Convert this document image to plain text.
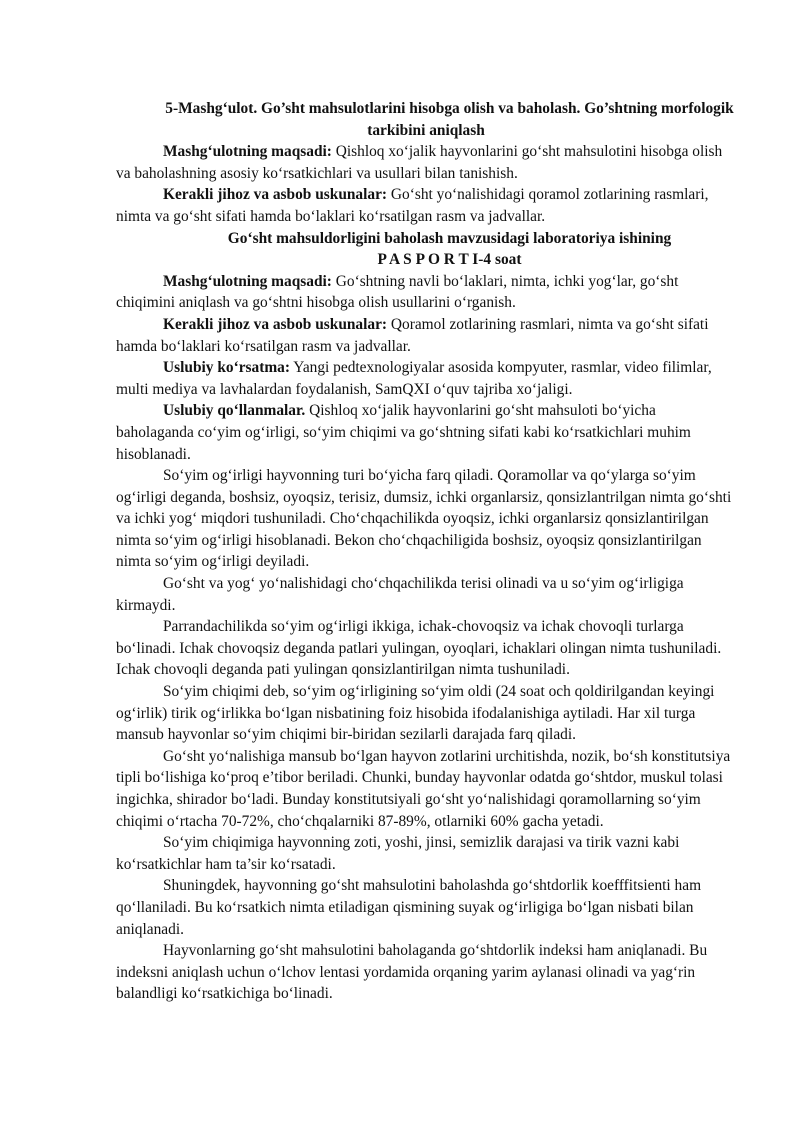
5-Mashg‘ulot. Go’sht mahsulotlarini hisobga olish va baholash. Go’shtning morfologik tarkibini aniqlash

Mashg‘ulotning maqsadi: Qishloq xo‘jalik hayvonlarini go‘sht mahsulotini hisobga olish va baholashning asosiy ko‘rsatkichlari va usullari bilan tanishish.

Kerakli jihoz va asbob uskunalar: Go‘sht yo‘nalishidagi qoramol zotlarining rasmlari, nimta va go‘sht sifati hamda bo‘laklari ko‘rsatilgan rasm va jadvallar.

Go‘sht mahsuldorligini baholash mavzusidagi laboratoriya ishining

P A S P O R T I-4 soat

Mashg‘ulotning maqsadi: Go‘shtning navli bo‘laklari, nimta, ichki yog‘lar, go‘sht chiqimini aniqlash va go‘shtni hisobga olish usullarini o‘rganish.

Kerakli jihoz va asbob uskunalar: Qoramol zotlarining rasmlari, nimta va go‘sht sifati hamda bo‘laklari ko‘rsatilgan rasm va jadvallar.

Uslubiy ko‘rsatma: Yangi pedtexnologiyalar asosida kompyuter, rasmlar, video filimlar, multi mediya va lavhalardan foydalanish, SamQXI o‘quv tajriba xo‘jaligi.

Uslubiy qo‘llanmalar. Qishloq xo‘jalik hayvonlarini go‘sht mahsuloti bo‘yicha baholaganda co‘yim og‘irligi, so‘yim chiqimi va go‘shtning sifati kabi ko‘rsatkichlari muhim hisoblanadi.

So‘yim og‘irligi hayvonning turi bo‘yicha farq qiladi. Qoramollar va qo‘ylarga so‘yim og‘irligi deganda, boshsiz, oyoqsiz, terisiz, dumsiz, ichki organlarsiz, qonsizlantrilgan nimta go‘shti va ichki yog‘ miqdori tushuniladi. Cho‘chqachilikda oyoqsiz, ichki organlarsiz qonsizlantirilgan nimta so‘yim og‘irligi hisoblanadi. Bekon cho‘chqachiligida boshsiz, oyoqsiz qonsizlantirilgan nimta so‘yim og‘irligi deyiladi.

Go‘sht va yog‘ yo‘nalishidagi cho‘chqachilikda terisi olinadi va u so‘yim og‘irligiga kirmaydi.

Parrandachilikda so‘yim og‘irligi ikkiga, ichak-chovoqsiz va ichak chovoqli turlarga bo‘linadi. Ichak chovoqsiz deganda patlari yulingan, oyoqlari, ichaklari olingan nimta tushuniladi. Ichak chovoqli deganda pati yulingan qonsizlantirilgan nimta tushuniladi.

So‘yim chiqimi deb, so‘yim og‘irligining so‘yim oldi (24 soat och qoldirilgandan keyingi og‘irlik) tirik og‘irlikka bo‘lgan nisbatining foiz hisobida ifodalanishiga aytiladi. Har xil turga mansub hayvonlar so‘yim chiqimi bir-biridan sezilarli darajada farq qiladi.

Go‘sht yo‘nalishiga mansub bo‘lgan hayvon zotlarini urchitishda, nozik, bo‘sh konstitutsiya tipli bo‘lishiga ko‘proq e’tibor beriladi. Chunki, bunday hayvonlar odatda go‘shtdor, muskul tolasi ingichka, shirador bo‘ladi. Bunday konstitutsiyali go‘sht yo‘nalishidagi qoramollarning so‘yim chiqimi o‘rtacha 70-72%, cho‘chqalarniki 87-89%, otlarniki 60% gacha yetadi.

So‘yim chiqimiga hayvonning zoti, yoshi, jinsi, semizlik darajasi va tirik vazni kabi ko‘rsatkichlar ham ta’sir ko‘rsatadi.

Shuningdek, hayvonning go‘sht mahsulotini baholashda go‘shtdorlik koefffitsienti ham qo‘llaniladi. Bu ko‘rsatkich nimta etiladigan qismining suyak og‘irligiga bo‘lgan nisbati bilan aniqlanadi.

Hayvonlarning go‘sht mahsulotini baholaganda go‘shtdorlik indeksi ham aniqlanadi. Bu indeksni aniqlash uchun o‘lchov lentasi yordamida orqaning yarim aylanasi olinadi va yag‘rin balandligi ko‘rsatkichiga bo‘linadi.
